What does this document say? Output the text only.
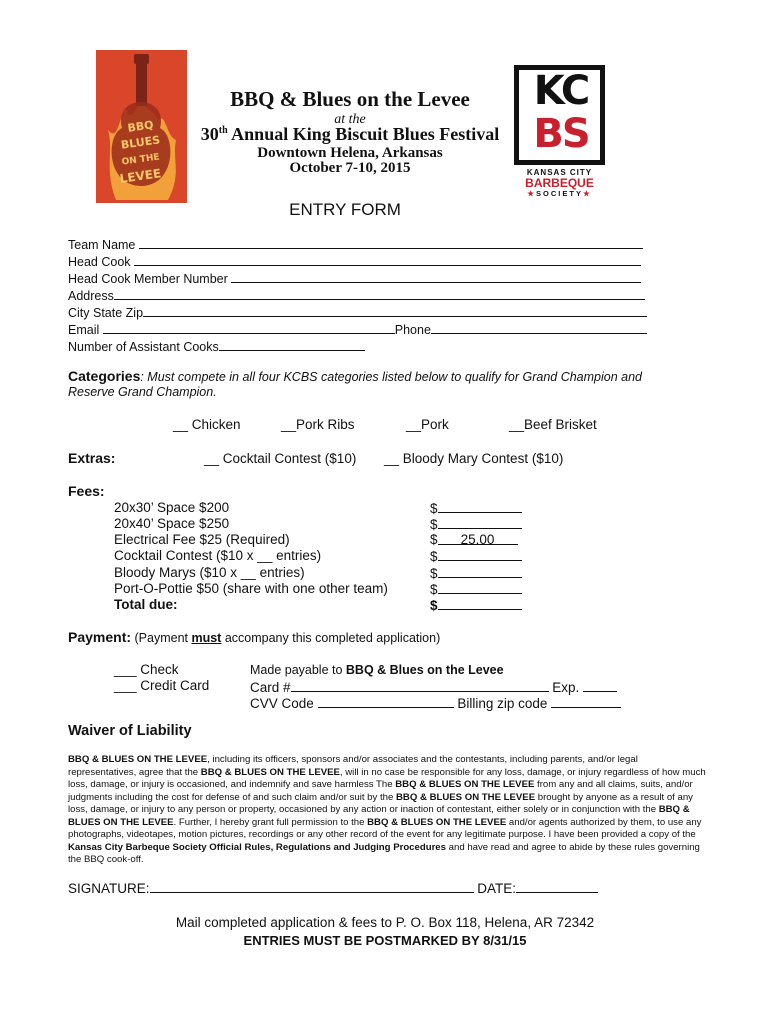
BBQ
BLUES
ON THE
LEVEE
KC
BS
KANSAS CITY
BARBEQUE
★SOCIETY★
BBQ & Blues on the Levee
at the
30th Annual King Biscuit Blues Festival
Downtown Helena, Arkansas
October 7-10, 2015
ENTRY FORM
Team Name
Head Cook
Head Cook Member Number
Address
City State Zip
Email	Phone
Number of Assistant Cooks
Categories: Must compete in all four KCBS categories listed below to qualify for Grand Champion and Reserve Grand Champion.
__ Chicken	__Pork Ribs	__Pork	__Beef Brisket
Extras:	__ Cocktail Contest ($10) __ Bloody Mary Contest ($10)
Fees:
20x30’ Space $200	$
20x40’ Space $250	$
Electrical Fee $25 (Required)	$ 25.00
Cocktail Contest ($10 x __ entries)	$
Bloody Marys ($10 x __ entries)	$
Port-O-Pottie $50 (share with one other team)	$
Total due:	$
Payment: (Payment must accompany this completed application)
___ Check
___ Credit Card
Made payable to BBQ & Blues on the Levee
Card #	Exp.
CVV Code	Billing zip code
Waiver of Liability
BBQ & BLUES ON THE LEVEE, including its officers, sponsors and/or associates and the contestants, including parents, and/or legal representatives, agree that the BBQ & BLUES ON THE LEVEE, will in no case be responsible for any loss, damage, or injury regardless of how much loss, damage, or injury is occasioned, and indemnify and save harmless The BBQ & BLUES ON THE LEVEE from any and all claims, suits, and/or judgments including the cost for defense of and such claim and/or suit by the BBQ & BLUES ON THE LEVEE brought by anyone as a result of any loss, damage, or injury to any person or property, occasioned by any action or inaction of contestant, either solely or in conjunction with the BBQ & BLUES ON THE LEVEE. Further, I hereby grant full permission to the BBQ & BLUES ON THE LEVEE and/or agents authorized by them, to use any photographs, videotapes, motion pictures, recordings or any other record of the event for any legitimate purpose. I have been provided a copy of the Kansas City Barbeque Society Official Rules, Regulations and Judging Procedures and have read and agree to abide by these rules governing the BBQ cook-off.
SIGNATURE:	DATE:
Mail completed application & fees to P. O. Box 118, Helena, AR 72342
ENTRIES MUST BE POSTMARKED BY 8/31/15
